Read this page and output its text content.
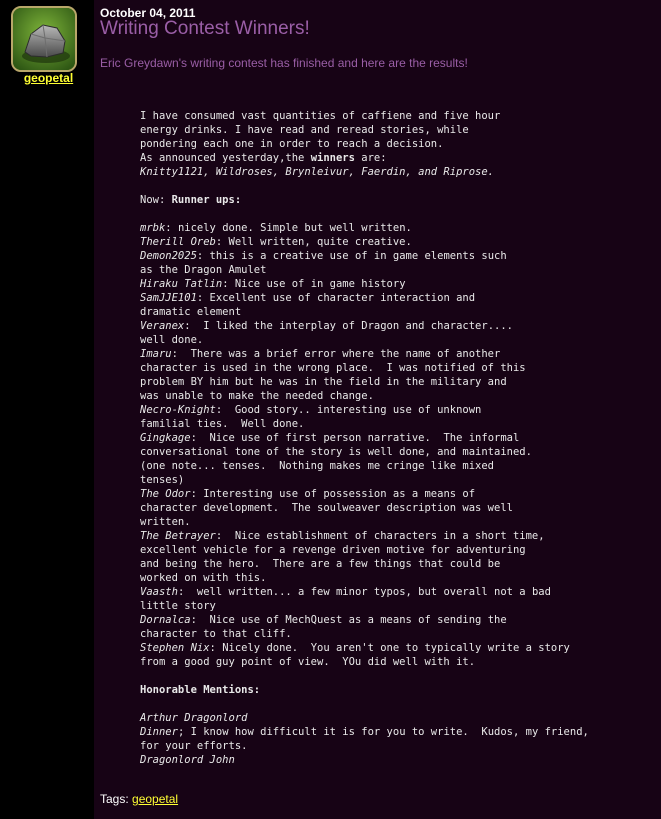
geopetal
October 04, 2011
Writing Contest Winners!
Eric Greydawn's writing contest has finished and here are the results!
I have consumed vast quantities of caffiene and five hour
energy drinks. I have read and reread stories, while
pondering each one in order to reach a decision.
As announced yesterday,the winners are:
Knitty1121, Wildroses, Brynleivur, Faerdin, and Riprose.

Now: Runner ups:

mrbk: nicely done. Simple but well written.
Therill Oreb: Well written, quite creative.
Demon2025: this is a creative use of in game elements such
as the Dragon Amulet
Hiraku Tatlin: Nice use of in game history
SamJJE101: Excellent use of character interaction and
dramatic element
Veranex:  I liked the interplay of Dragon and character....
well done.
Imaru:  There was a brief error where the name of another
character is used in the wrong place.  I was notified of this
problem BY him but he was in the field in the military and
was unable to make the needed change.
Necro-Knight:  Good story.. interesting use of unknown
familial ties.  Well done.
Gingkage:  Nice use of first person narrative.  The informal
conversational tone of the story is well done, and maintained.
(one note... tenses.  Nothing makes me cringe like mixed
tenses)
The Odor: Interesting use of possession as a means of
character development.  The soulweaver description was well
written.
The Betrayer:  Nice establishment of characters in a short time,
excellent vehicle for a revenge driven motive for adventuring
and being the hero.  There are a few things that could be
worked on with this.
Vaasth:  well written... a few minor typos, but overall not a bad
little story
Dornalca:  Nice use of MechQuest as a means of sending the
character to that cliff.
Stephen Nix: Nicely done.  You aren't one to typically write a story
from a good guy point of view.  YOu did well with it.

Honorable Mentions:

Arthur Dragonlord
Dinner; I know how difficult it is for you to write.  Kudos, my friend,
for your efforts.
Dragonlord John
Tags: geopetal
